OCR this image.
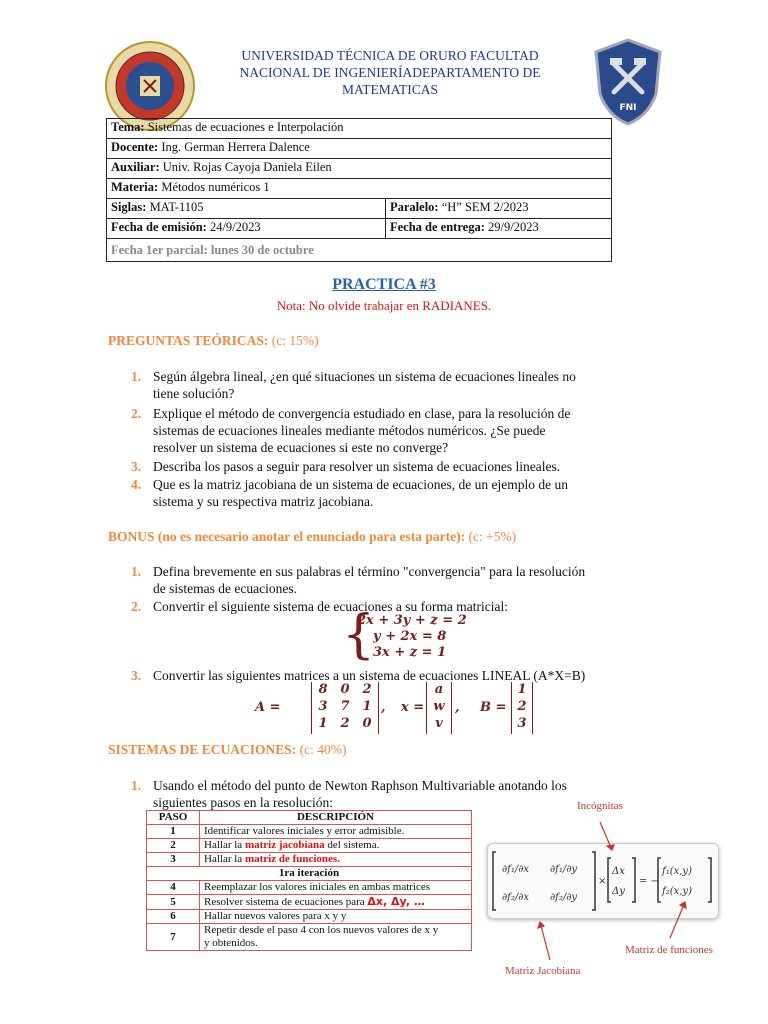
FNI
UNIVERSIDAD TÉCNICA DE ORURO FACULTAD
NACIONAL DE INGENIERÍADEPARTAMENTO DE
MATEMATICAS
Tema: Sistemas de ecuaciones e Interpolación	
Docente: Ing. German Herrera Dalence	
Auxiliar: Univ. Rojas Cayoja Daniela Eilen	
Materia: Métodos numéricos 1	
Siglas: MAT-1105	Paralelo: “H” SEM 2/2023
Fecha de emisión: 24/9/2023	Fecha de entrega: 29/9/2023
Fecha 1er parcial: lunes 30 de octubre	
PRACTICA #3
Nota: No olvide trabajar en RADIANES.
PREGUNTAS TEÓRICAS: (c: 15%)
1. Según álgebra lineal, ¿en qué situaciones un sistema de ecuaciones lineales no
tiene solución?
2. Explique el método de convergencia estudiado en clase, para la resolución de
sistemas de ecuaciones lineales mediante métodos numéricos. ¿Se puede
resolver un sistema de ecuaciones si este no converge?
3. Describa los pasos a seguir para resolver un sistema de ecuaciones lineales.
4. Que es la matriz jacobiana de un sistema de ecuaciones, de un ejemplo de un
sistema y su respectiva matriz jacobiana.
BONUS (no es necesario anotar el enunciado para esta parte): (c: +5%)
1. Defina brevemente en sus palabras el término "convergencia" para la resolución
de sistemas de ecuaciones.
2. Convertir el siguiente sistema de ecuaciones a su forma matricial:
{
2x + 3y + z = 2
y + 2x = 8
3x + z = 1
3. Convertir las siguientes matrices a un sistema de ecuaciones LINEAL (A*X=B)
A =
8 0 2
3 7 1
1 2 0
, x =
a
w
v
, B =
1
2
3
SISTEMAS DE ECUACIONES: (c: 40%)
1. Usando el método del punto de Newton Raphson Multivariable anotando los
siguientes pasos en la resolución:
PASO	DESCRIPCIÓN
1	Identificar valores iniciales y error admisible.
2	Hallar la matriz jacobiana del sistema.
3	Hallar la matriz de funciones.
1ra iteración	
4	Reemplazar los valores iniciales en ambas matrices
5	Resolver sistema de ecuaciones para Δx, Δy, …
6	Hallar nuevos valores para x y y
7	Repetir desde el paso 4 con los nuevos valores de x y
y obtenidos.
Incógnitas
∂f₁/∂x ∂f₁/∂y
∂f₂/∂x ∂f₂/∂y
×
Δx
Δy
= −
f₁(x,y)
f₂(x,y)
Matriz de funciones
Matriz Jacobiana
